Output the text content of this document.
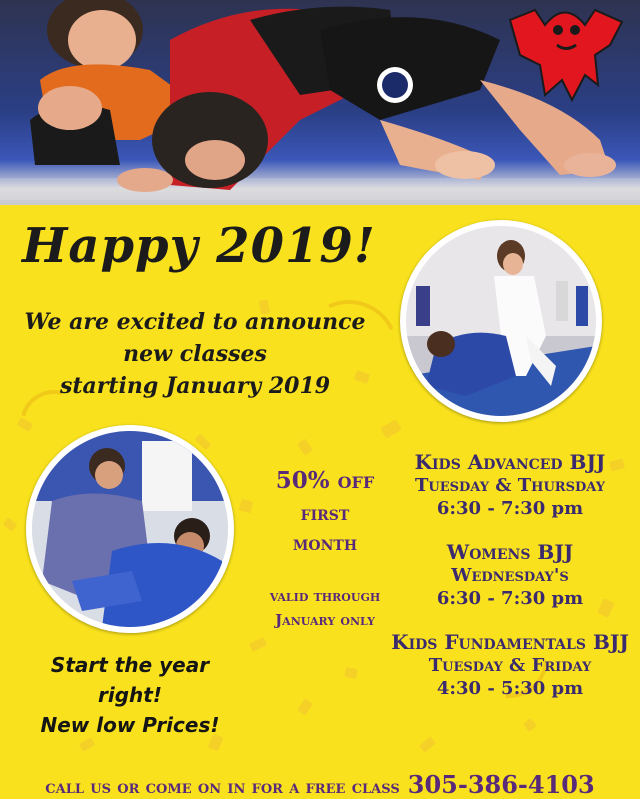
Happy 2019!
We are excited to announce
new classes
starting January 2019
50% off
first
month
valid through
January only
Kids Advanced BJJ
Tuesday & Thursday
6:30 - 7:30 pm
Womens BJJ
Wednesday's
6:30 - 7:30 pm
Kids Fundamentals BJJ
Tuesday & Friday
4:30 - 5:30 pm
Start the year
right!
New low Prices!
call us or come on in for a free class 305-386-4103
